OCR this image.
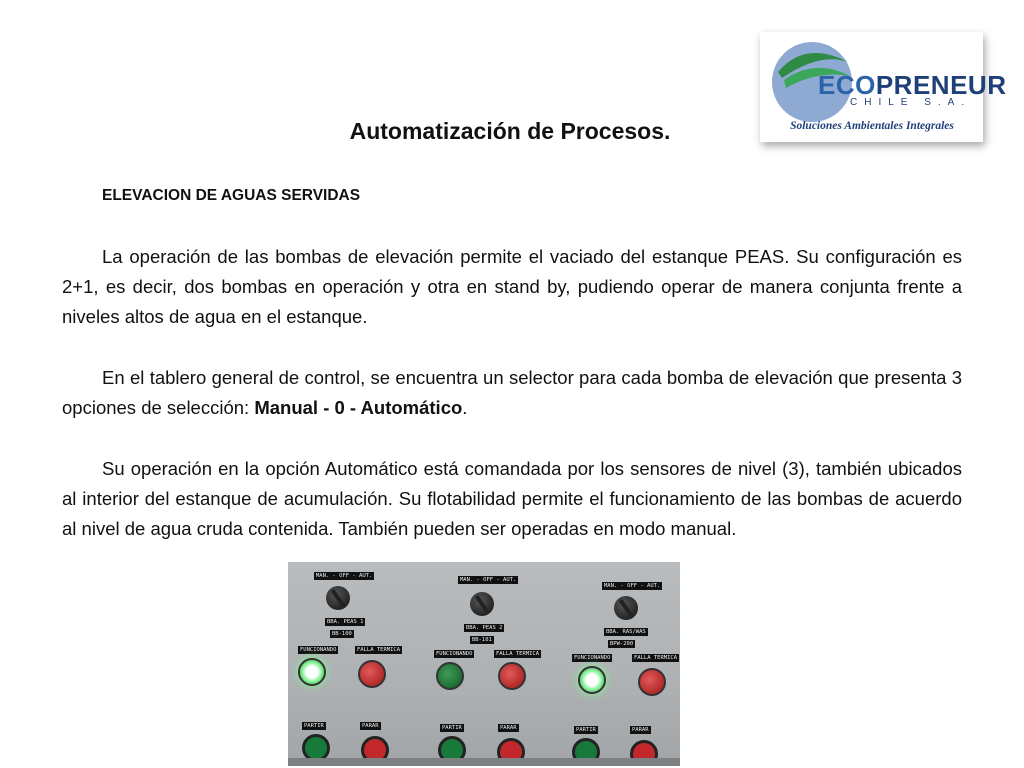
ECOPRENEUR
CHILE S.A.
Soluciones Ambientales Integrales
Automatización de Procesos.
ELEVACION DE AGUAS SERVIDAS

La operación de las bombas de elevación permite el vaciado del estanque PEAS. Su configuración es 2+1, es decir, dos bombas en operación y otra en stand by, pudiendo operar de manera conjunta frente a niveles altos de agua en el estanque.

En el tablero general de control, se encuentra un selector para cada bomba de elevación que presenta 3 opciones de selección: Manual - 0 - Automático.

Su operación en la opción Automático está comandada por los sensores de nivel (3), también ubicados al interior del estanque de acumulación. Su flotabilidad permite el funcionamiento de las bombas de acuerdo al nivel de agua cruda contenida. También pueden ser operadas en modo manual.

MAN. - OFF - AUT.
BBA. PEAS 1
BB-100
FUNCIONANDO	FALLA TERMICA
PARTIR	PARAR
MAN. - OFF - AUT.
BBA. PEAS 2
BB-101
FUNCIONANDO	FALLA TERMICA
PARTIR	PARAR
MAN. - OFF - AUT.
BBA. RAS/WAS
BPW-200
FUNCIONANDO	FALLA TERMICA
PARTIR	PARAR
